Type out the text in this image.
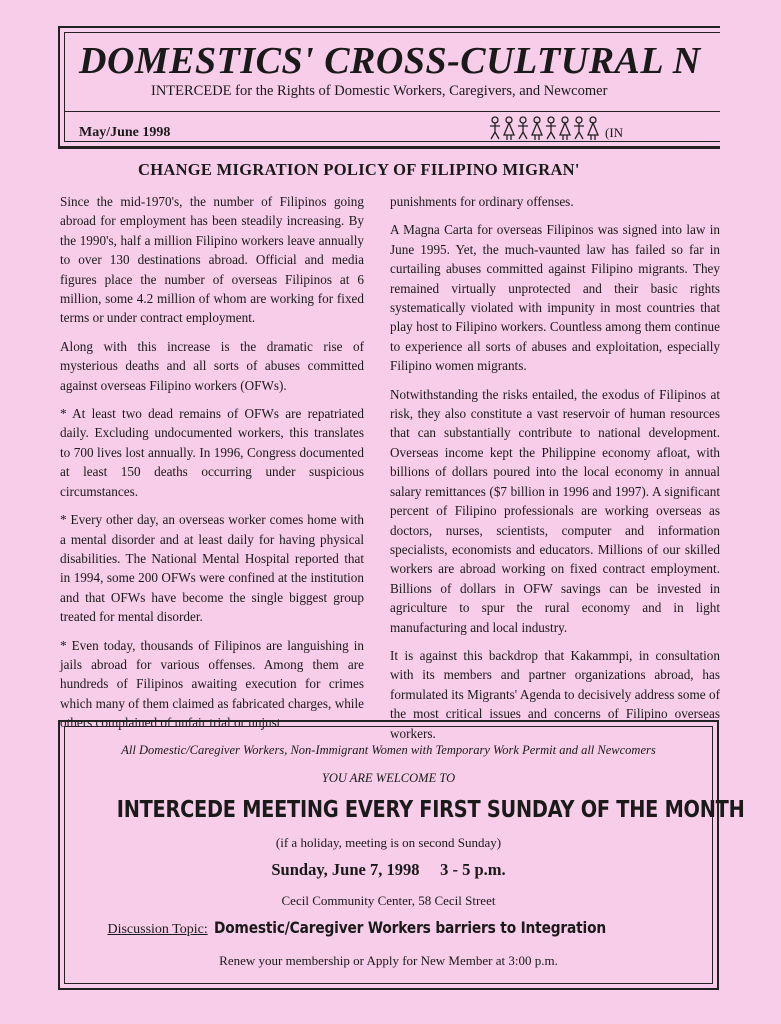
DOMESTICS' CROSS-CULTURAL N
INTERCEDE for the Rights of Domestic Workers, Caregivers, and Newcomer
May/June 1998	(IN
CHANGE MIGRATION POLICY OF FILIPINO MIGRAN'

Since the mid-1970's, the number of Filipinos going abroad for employment has been steadily increasing. By the 1990's, half a million Filipino workers leave annually to over 130 destinations abroad. Official and media figures place the number of overseas Filipinos at 6 million, some 4.2 million of whom are working for fixed terms or under contract employment.

Along with this increase is the dramatic rise of mysterious deaths and all sorts of abuses committed against overseas Filipino workers (OFWs).

* At least two dead remains of OFWs are repatriated daily. Excluding undocumented workers, this translates to 700 lives lost annually. In 1996, Congress documented at least 150 deaths occurring under suspicious circumstances.

* Every other day, an overseas worker comes home with a mental disorder and at least daily for having physical disabilities. The National Mental Hospital reported that in 1994, some 200 OFWs were confined at the institution and that OFWs have become the single biggest group treated for mental disorder.

* Even today, thousands of Filipinos are languishing in jails abroad for various offenses. Among them are hundreds of Filipinos awaiting execution for crimes which many of them claimed as fabricated charges, while others complained of unfair trial or unjust

punishments for ordinary offenses.

A Magna Carta for overseas Filipinos was signed into law in June 1995. Yet, the much-vaunted law has failed so far in curtailing abuses committed against Filipino migrants. They remained virtually unprotected and their basic rights systematically violated with impunity in most countries that play host to Filipino workers. Countless among them continue to experience all sorts of abuses and exploitation, especially Filipino women migrants.

Notwithstanding the risks entailed, the exodus of Filipinos at risk, they also constitute a vast reservoir of human resources that can substantially contribute to national development. Overseas income kept the Philippine economy afloat, with billions of dollars poured into the local economy in annual salary remittances ($7 billion in 1996 and 1997). A significant percent of Filipino professionals are working overseas as doctors, nurses, scientists, computer and information specialists, economists and educators. Millions of our skilled workers are abroad working on fixed contract employment. Billions of dollars in OFW savings can be invested in agriculture to spur the rural economy and in light manufacturing and local industry.

It is against this backdrop that Kakammpi, in consultation with its members and partner organizations abroad, has formulated its Migrants' Agenda to decisively address some of the most critical issues and concerns of Filipino overseas workers.

All Domestic/Caregiver Workers, Non-Immigrant Women with Temporary Work Permit and all Newcomers
YOU ARE WELCOME TO
INTERCEDE MEETING EVERY FIRST SUNDAY OF THE MONTH
(if a holiday, meeting is on second Sunday)
Sunday, June 7, 1998     3 - 5 p.m.
Cecil Community Center, 58 Cecil Street
Discussion Topic: Domestic/Caregiver Workers barriers to Integration
Renew your membership or Apply for New Member at 3:00 p.m.
